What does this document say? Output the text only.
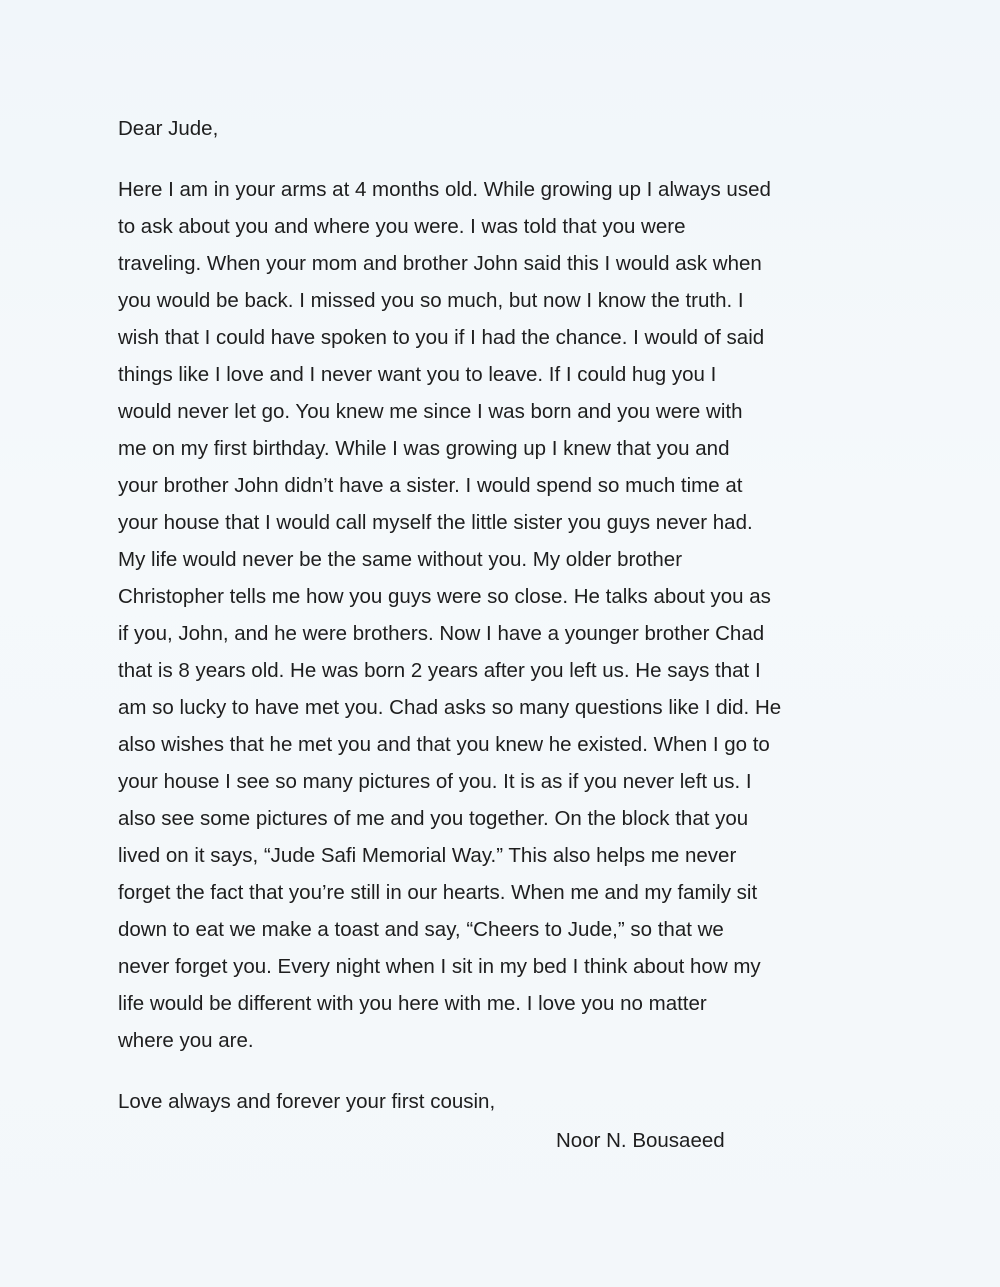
Dear Jude,

Here I am in your arms at 4 months old. While growing up I always used
to ask about you and where you were. I was told that you were
traveling. When your mom and brother John said this I would ask when
you would be back. I missed you so much, but now I know the truth. I
wish that I could have spoken to you if I had the chance. I would of said
things like I love and I never want you to leave. If I could hug you I
would never let go. You knew me since I was born and you were with
me on my first birthday. While I was growing up I knew that you and
your brother John didn’t have a sister. I would spend so much time at
your house that I would call myself the little sister you guys never had.
My life would never be the same without you. My older brother
Christopher tells me how you guys were so close. He talks about you as
if you, John, and he were brothers. Now I have a younger brother Chad
that is 8 years old. He was born 2 years after you left us. He says that I
am so lucky to have met you. Chad asks so many questions like I did. He
also wishes that he met you and that you knew he existed. When I go to
your house I see so many pictures of you. It is as if you never left us. I
also see some pictures of me and you together. On the block that you
lived on it says, “Jude Safi Memorial Way.” This also helps me never
forget the fact that you’re still in our hearts. When me and my family sit
down to eat we make a toast and say, “Cheers to Jude,” so that we
never forget you. Every night when I sit in my bed I think about how my
life would be different with you here with me. I love you no matter
where you are.

Love always and forever your first cousin,

Noor N. Bousaeed
